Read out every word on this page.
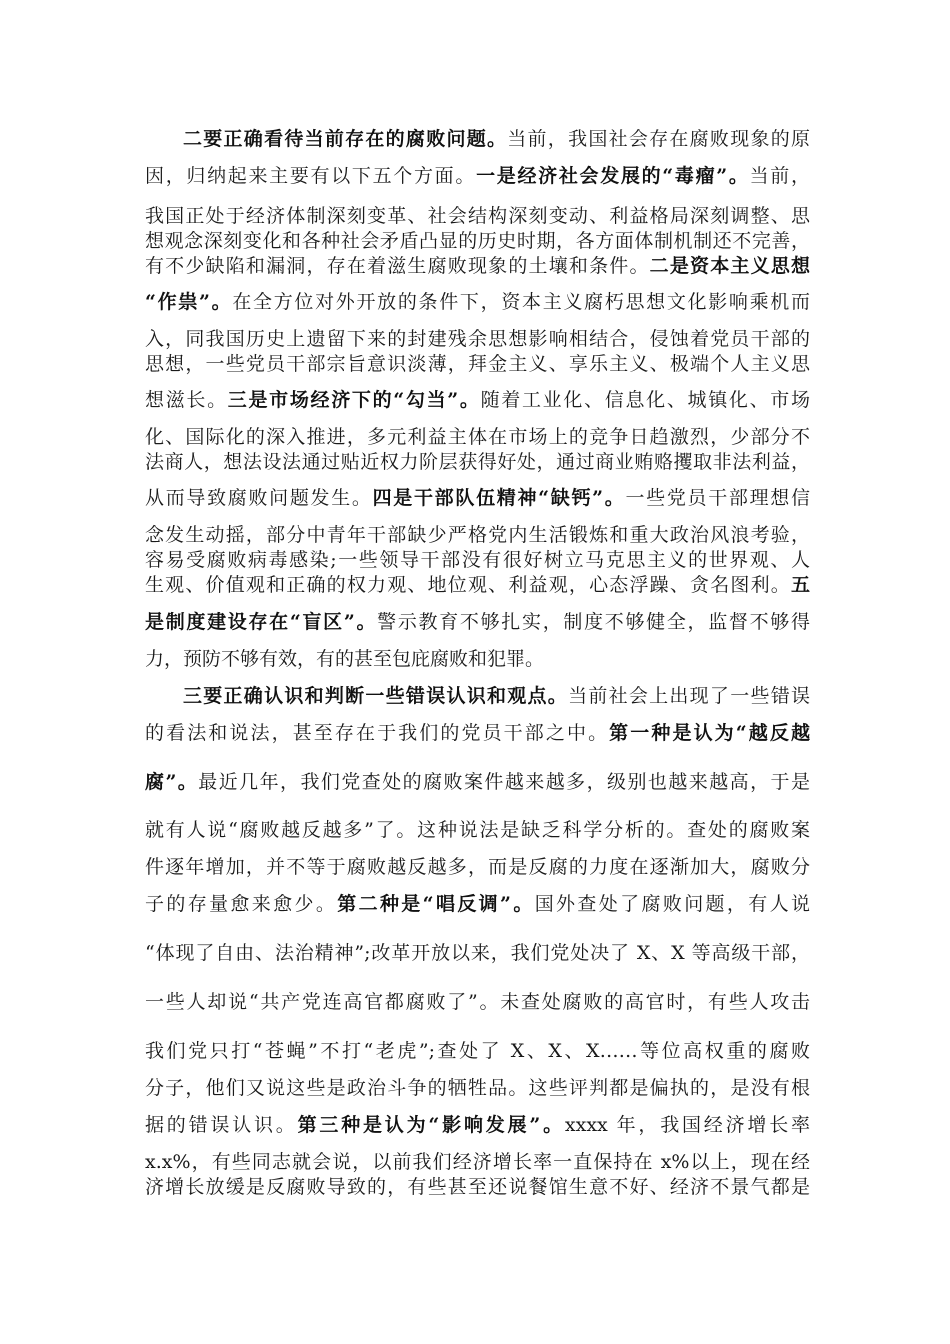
二要正确看待当前存在的腐败问题。当前，我国社会存在腐败现象的原
因，归纳起来主要有以下五个方面。一是经济社会发展的“毒瘤”。当前，
我国正处于经济体制深刻变革、社会结构深刻变动、利益格局深刻调整、思
想观念深刻变化和各种社会矛盾凸显的历史时期，各方面体制机制还不完善，
有不少缺陷和漏洞，存在着滋生腐败现象的土壤和条件。二是资本主义思想
“作祟”。在全方位对外开放的条件下，资本主义腐朽思想文化影响乘机而
入，同我国历史上遗留下来的封建残余思想影响相结合，侵蚀着党员干部的
思想，一些党员干部宗旨意识淡薄，拜金主义、享乐主义、极端个人主义思
想滋长。三是市场经济下的“勾当”。随着工业化、信息化、城镇化、市场
化、国际化的深入推进，多元利益主体在市场上的竞争日趋激烈，少部分不
法商人，想法设法通过贴近权力阶层获得好处，通过商业贿赂攫取非法利益，
从而导致腐败问题发生。四是干部队伍精神“缺钙”。一些党员干部理想信
念发生动摇，部分中青年干部缺少严格党内生活锻炼和重大政治风浪考验，
容易受腐败病毒感染;一些领导干部没有很好树立马克思主义的世界观、人
生观、价值观和正确的权力观、地位观、利益观，心态浮躁、贪名图利。五
是制度建设存在“盲区”。警示教育不够扎实，制度不够健全，监督不够得
力，预防不够有效，有的甚至包庇腐败和犯罪。
三要正确认识和判断一些错误认识和观点。当前社会上出现了一些错误
的看法和说法，甚至存在于我们的党员干部之中。第一种是认为“越反越
腐”。最近几年，我们党查处的腐败案件越来越多，级别也越来越高，于是
就有人说“腐败越反越多”了。这种说法是缺乏科学分析的。查处的腐败案
件逐年增加，并不等于腐败越反越多，而是反腐的力度在逐渐加大，腐败分
子的存量愈来愈少。第二种是“唱反调”。国外查处了腐败问题，有人说
“体现了自由、法治精神”;改革开放以来，我们党处决了 X、X 等高级干部，
一些人却说“共产党连高官都腐败了”。未查处腐败的高官时，有些人攻击
我们党只打“苍蝇”不打“老虎”;查处了 X、X、X……等位高权重的腐败
分子，他们又说这些是政治斗争的牺牲品。这些评判都是偏执的，是没有根
据的错误认识。第三种是认为“影响发展”。xxxx 年，我国经济增长率
x.x%，有些同志就会说，以前我们经济增长率一直保持在 x%以上，现在经
济增长放缓是反腐败导致的，有些甚至还说餐馆生意不好、经济不景气都是
